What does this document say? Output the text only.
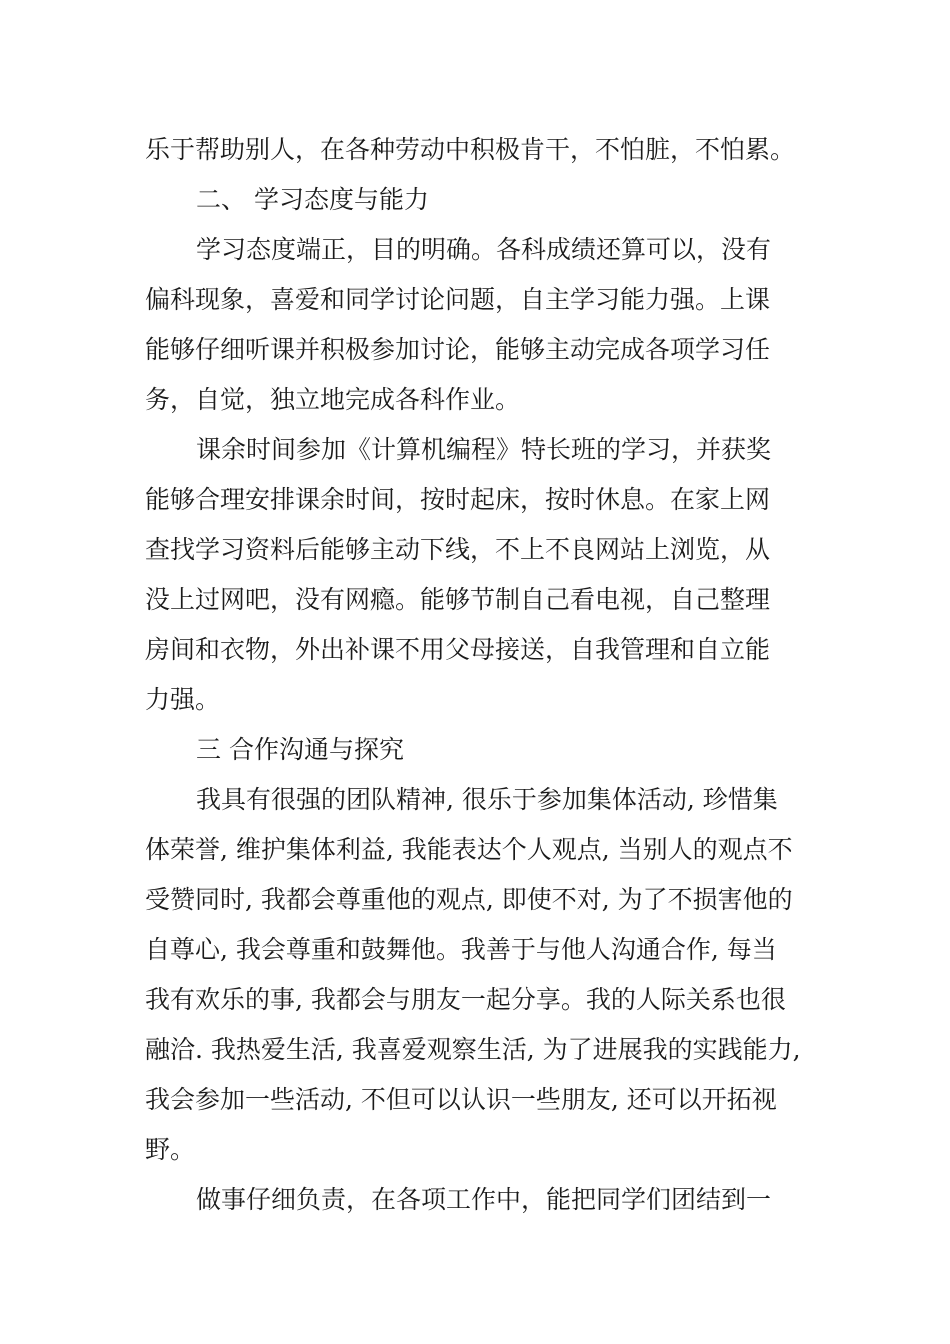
乐于帮助别人，在各种劳动中积极肯干，不怕脏，不怕累。
二、 学习态度与能力
学习态度端正，目的明确。各科成绩还算可以，没有
偏科现象，喜爱和同学讨论问题，自主学习能力强。上课
能够仔细听课并积极参加讨论，能够主动完成各项学习任
务，自觉，独立地完成各科作业。
课余时间参加《计算机编程》特长班的学习，并获奖
能够合理安排课余时间，按时起床，按时休息。在家上网
查找学习资料后能够主动下线，不上不良网站上浏览，从
没上过网吧，没有网瘾。能够节制自己看电视，自己整理
房间和衣物，外出补课不用父母接送，自我管理和自立能
力强。
三 合作沟通与探究
我具有很强的团队精神, 很乐于参加集体活动, 珍惜集
体荣誉, 维护集体利益, 我能表达个人观点, 当别人的观点不
受赞同时, 我都会尊重他的观点, 即使不对, 为了不损害他的
自尊心, 我会尊重和鼓舞他。我善于与他人沟通合作, 每当
我有欢乐的事, 我都会与朋友一起分享。我的人际关系也很
融洽. 我热爱生活, 我喜爱观察生活, 为了进展我的实践能力,
我会参加一些活动, 不但可以认识一些朋友, 还可以开拓视
野。
做事仔细负责，在各项工作中，能把同学们团结到一
